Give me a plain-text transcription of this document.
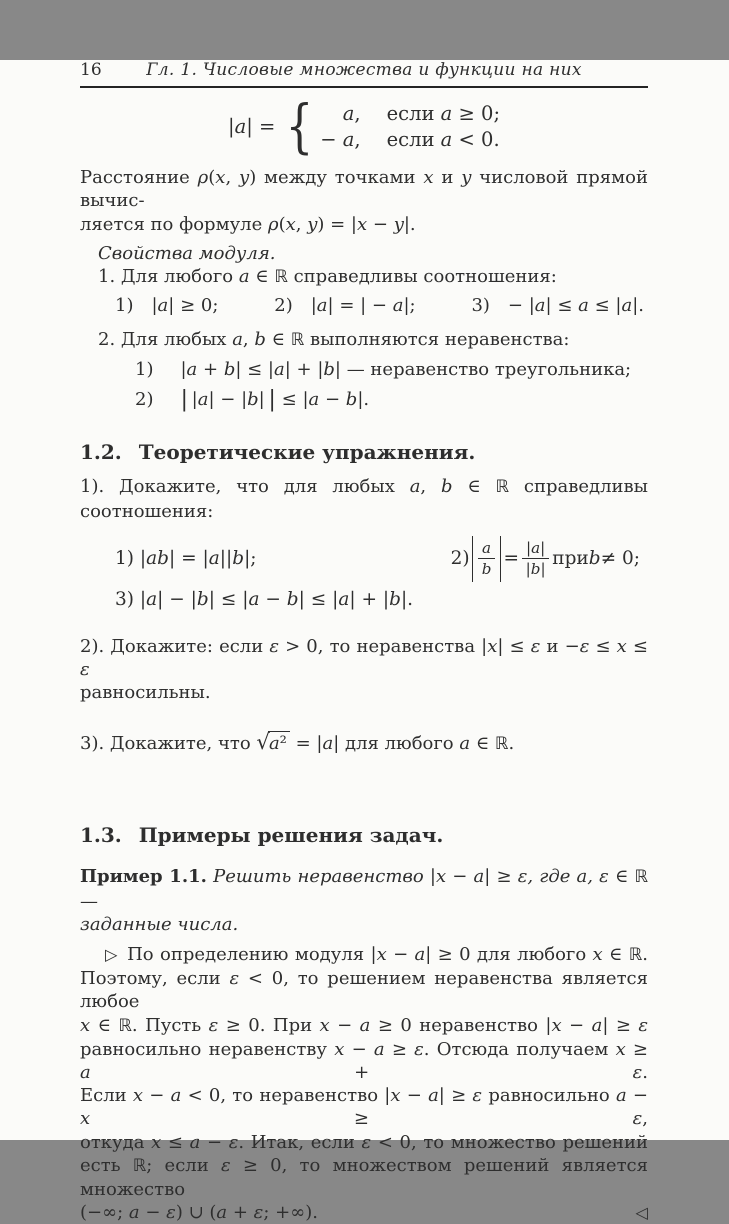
16	Гл. 1. Числовые множества и функции на них
|a| = {	a, если a ≥ 0;
− a, если a < 0.
Расстояние ρ(x, y) между точками x и y числовой прямой вычис-
ляется по формуле ρ(x, y) = |x − y|.
Свойства модуля.
1. Для любого a ∈ ℝ справедливы соотношения:
1)  |a| ≥ 0;	2)  |a| = | − a|;	3)  − |a| ≤ a ≤ |a|.
2. Для любых a, b ∈ ℝ выполняются неравенства:
1)   |a + b| ≤ |a| + |b| — неравенство треугольника;
2)   | |a| − |b| | ≤ |a − b|.
1.2. Теоретические упражнения.
1). Докажите, что для любых a, b ∈ ℝ справедливы соотношения:
1) | ab | = | a || b |;	$2) \frac{a}{b} = \frac{|a|}{|b|}$ при b ≠ 0;
3) |a| − |b| ≤ |a − b| ≤ |a| + |b|.
2). Докажите: если ε > 0, то неравенства |x| ≤ ε и −ε ≤ x ≤ ε
равносильны.
3). Докажите, что √a² = |a| для любого a ∈ ℝ.
1.3. Примеры решения задач.
Пример 1.1. Решить неравенство |x − a| ≥ ε, где a, ε ∈ ℝ —
заданные числа.
▷ По определению модуля |x − a| ≥ 0 для любого x ∈ ℝ.
Поэтому, если ε < 0, то решением неравенства является любое
x ∈ ℝ. Пусть ε ≥ 0. При x − a ≥ 0 неравенство |x − a| ≥ ε
равносильно неравенству x − a ≥ ε. Отсюда получаем x ≥ a + ε.
Если x − a < 0, то неравенство |x − a| ≥ ε равносильно a − x ≥ ε,
откуда x ≤ a − ε. Итак, если ε < 0, то множество решений
есть ℝ; если ε ≥ 0, то множеством решений является множество
◁
(−∞; a − ε) ∪ (a + ε; +∞).
